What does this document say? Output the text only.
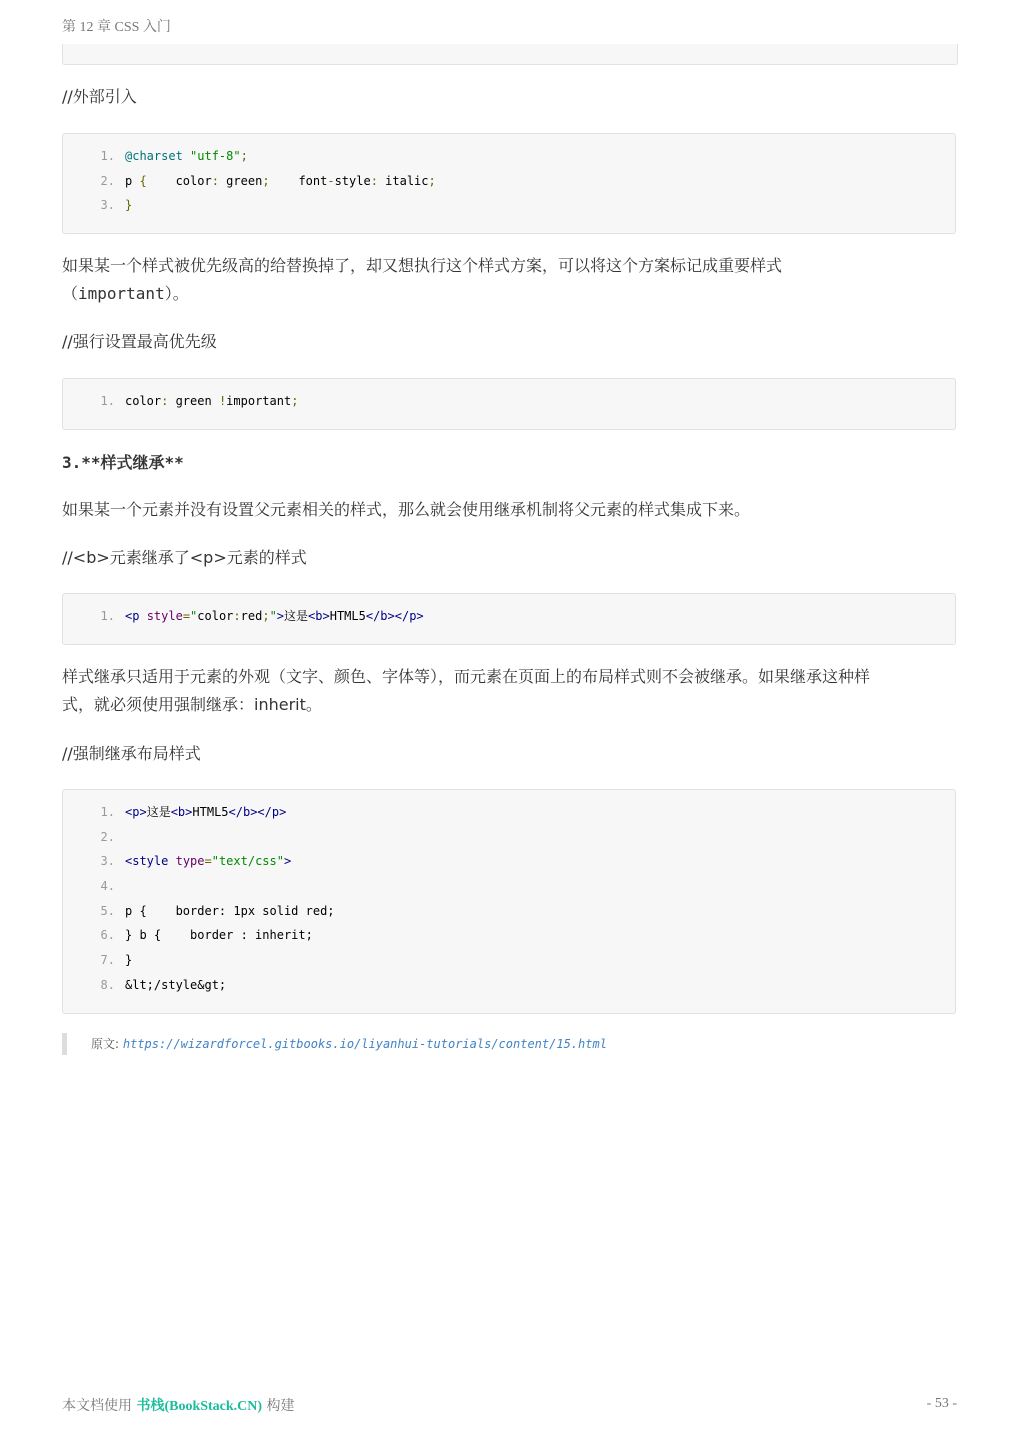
第 12 章 CSS 入门
//外部引入
1. @charset "utf-8";
2. p {    color: green;    font-style: italic;
3. }
如果某一个样式被优先级高的给替换掉了，却又想执行这个样式方案，可以将这个方案标记成重要样式
（important）。
//强行设置最高优先级
1. color: green !important;
3.**样式继承**
如果某一个元素并没有设置父元素相关的样式，那么就会使用继承机制将父元素的样式集成下来。
//<b>元素继承了<p>元素的样式
1. <p style="color:red;">这是<b>HTML5</b></p>
样式继承只适用于元素的外观（文字、颜色、字体等），而元素在页面上的布局样式则不会被继承。如果继承这种样
式，就必须使用强制继承：inherit。
//强制继承布局样式
1. <p>这是<b>HTML5</b></p>
2.
3. <style type="text/css">
4.
5. p {    border: 1px solid red;
6. } b {    border : inherit;
7. }
8. &lt;/style&gt;
原文: https://wizardforcel.gitbooks.io/liyanhui-tutorials/content/15.html
本文档使用 书栈(BookStack.CN) 构建	- 53 -
